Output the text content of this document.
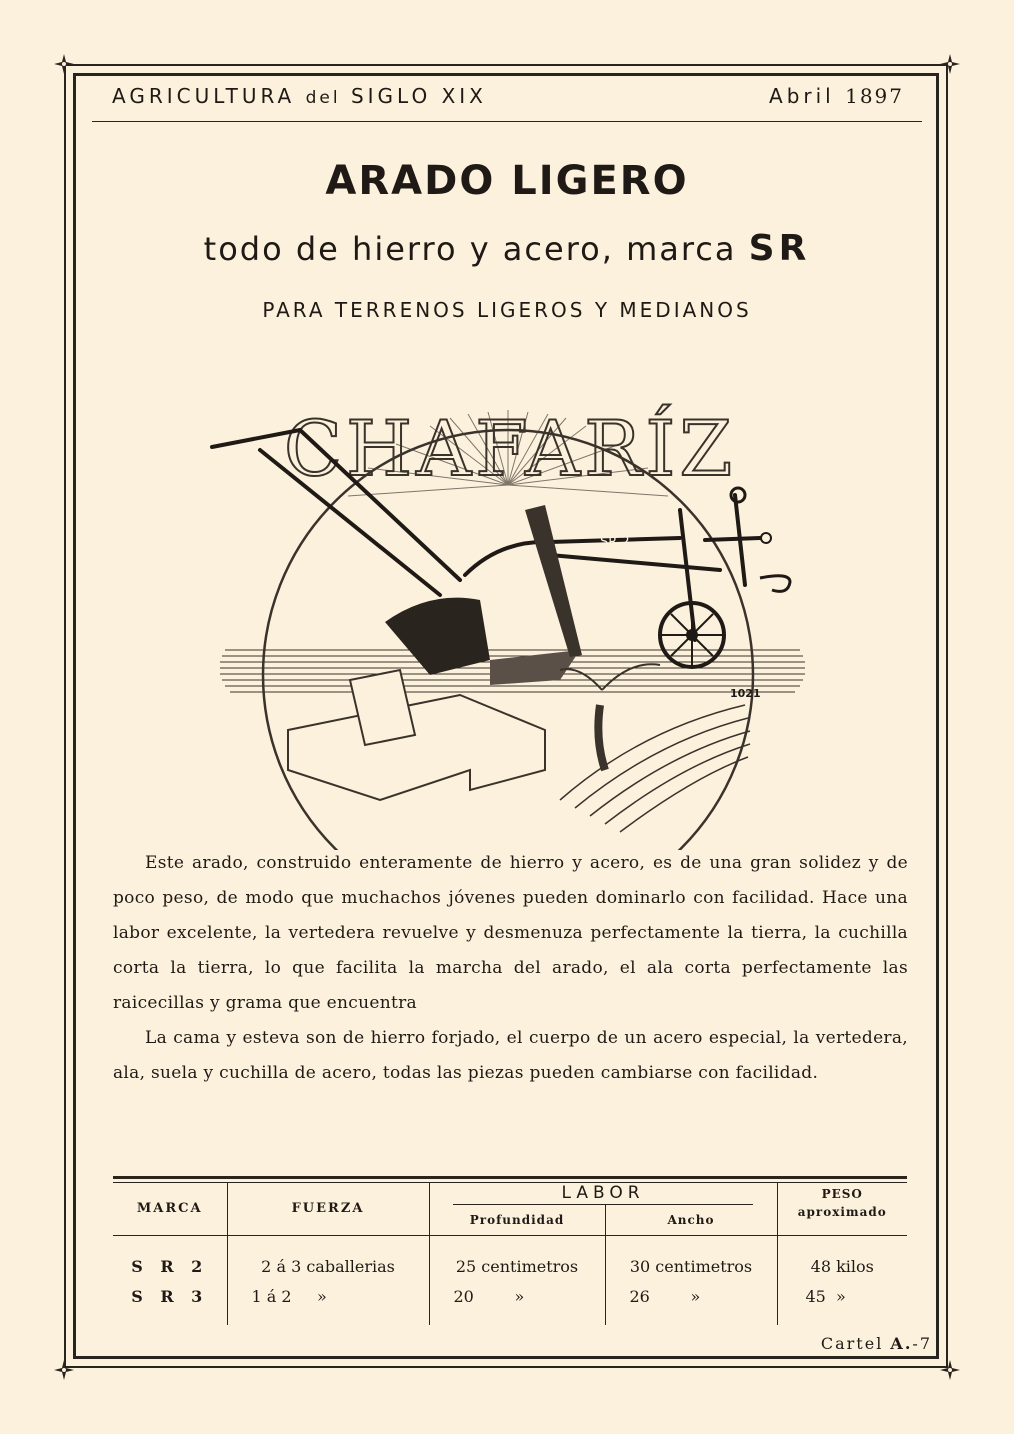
AGRICULTURA del SIGLO XIX	Abril 1897
ARADO LIGERO
todo de hierro y acero, marca SR
PARA TERRENOS LIGEROS Y MEDIANOS
CHAFARÍZ
SR 2
1021

Este arado, construido enteramente de hierro y acero, es de una gran solidez y de poco peso, de modo que muchachos jóvenes pueden dominarlo con facilidad. Hace una labor excelente, la vertedera revuelve y desmenuza perfectamente la tierra, la cuchilla corta la tierra, lo que facilita la marcha del arado, el ala corta perfectamente las raicecillas y grama que encuentra

La cama y esteva son de hierro forjado, el cuerpo de un acero especial, la vertedera, ala, suela y cuchilla de acero, todas las piezas pueden cambiarse con facilidad.

MARCA	FUERZA	LABOR		PESO
		Profundidad	Ancho	aproximado

S R 2	2 á 3 caballerias	25 centimetros	30 centimetros	48 kilos
S R 3	1 á 2     »	20        »	26        »	45  »

Cartel A.-7
